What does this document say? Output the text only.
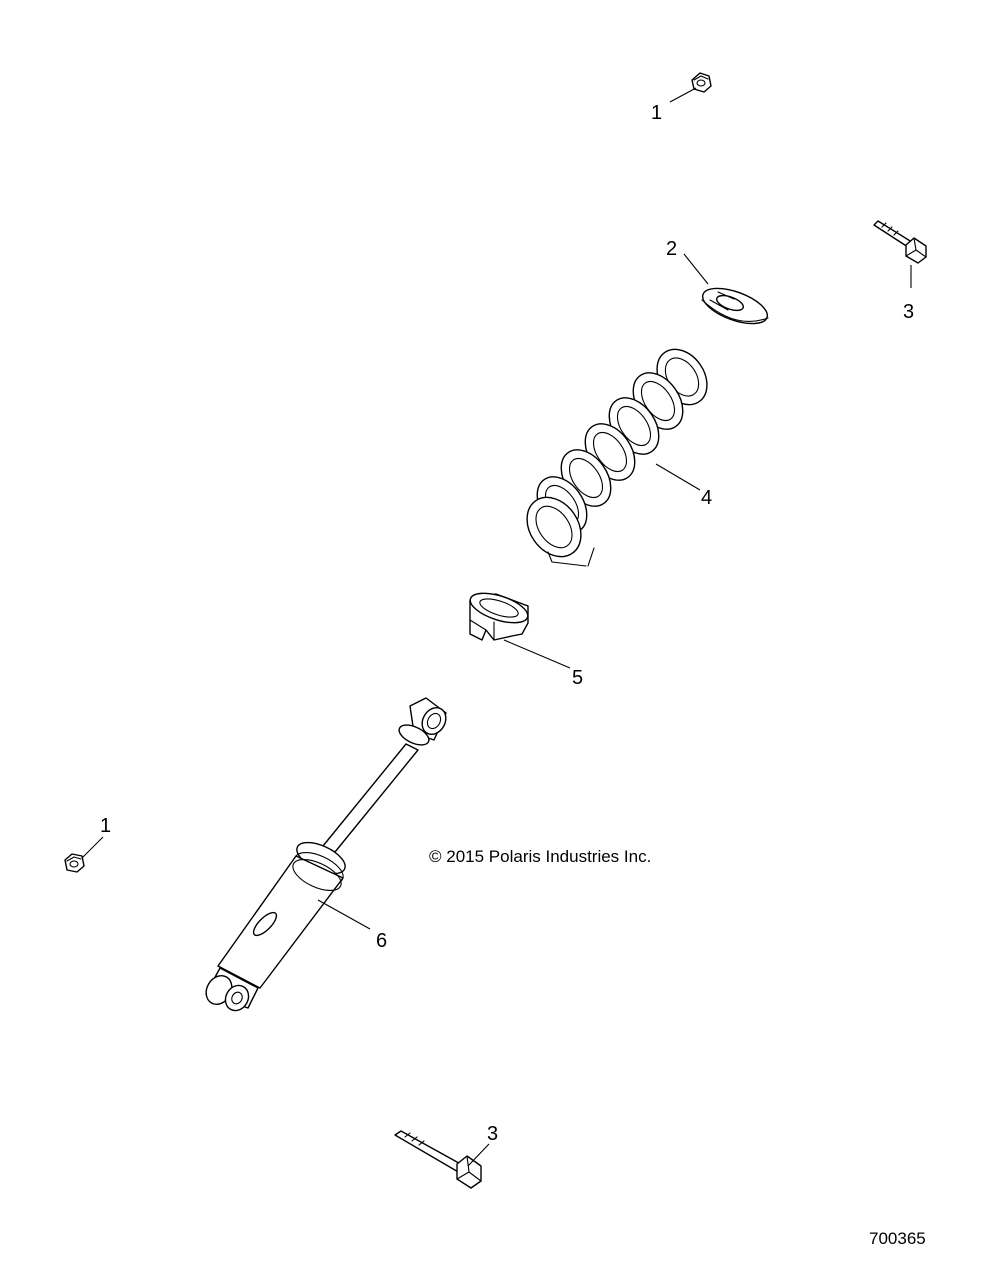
1
3
2
4
5
6
1
3
© 2015 Polaris Industries Inc.
700365
